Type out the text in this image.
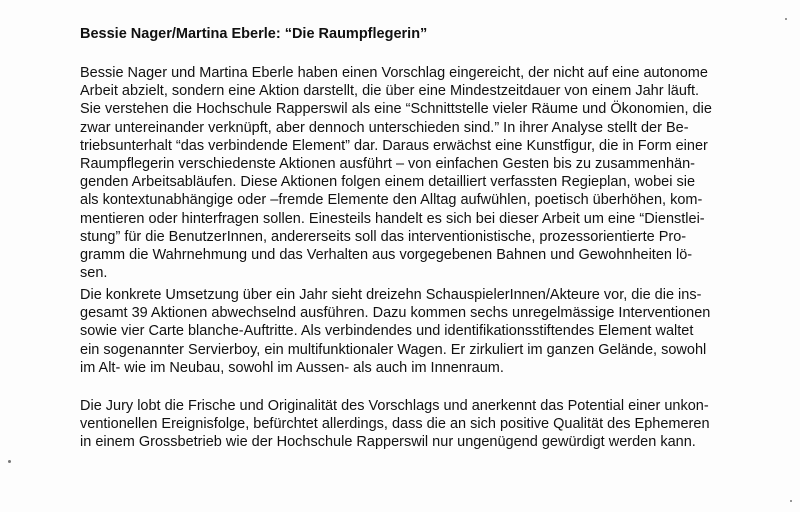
Bessie Nager/Martina Eberle: “Die Raumpflegerin”
Bessie Nager und Martina Eberle haben einen Vorschlag eingereicht, der nicht auf eine autonome
Arbeit abzielt, sondern eine Aktion darstellt, die über eine Mindestzeitdauer von einem Jahr läuft.
Sie verstehen die Hochschule Rapperswil als eine “Schnittstelle vieler Räume und Ökonomien, die
zwar untereinander verknüpft, aber dennoch unterschieden sind.” In ihrer Analyse stellt der Be-
triebsunterhalt “das verbindende Element” dar. Daraus erwächst eine Kunstfigur, die in Form einer
Raumpflegerin verschiedenste Aktionen ausführt – von einfachen Gesten bis zu zusammenhän-
genden Arbeitsabläufen. Diese Aktionen folgen einem detailliert verfassten Regieplan, wobei sie
als kontextunabhängige oder –fremde Elemente den Alltag aufwühlen, poetisch überhöhen, kom-
mentieren oder hinterfragen sollen. Einesteils handelt es sich bei dieser Arbeit um eine “Dienstlei-
stung” für die BenutzerInnen, andererseits soll das interventionistische, prozessorientierte Pro-
gramm die Wahrnehmung und das Verhalten aus vorgegebenen Bahnen und Gewohnheiten lö-
sen.
Die konkrete Umsetzung über ein Jahr sieht dreizehn SchauspielerInnen/Akteure vor, die die ins-
gesamt 39 Aktionen abwechselnd ausführen. Dazu kommen sechs unregelmässige Interventionen
sowie vier Carte blanche-Auftritte. Als verbindendes und identifikationsstiftendes Element waltet
ein sogenannter Servierboy, ein multifunktionaler Wagen. Er zirkuliert im ganzen Gelände, sowohl
im Alt- wie im Neubau, sowohl im Aussen- als auch im Innenraum.
Die Jury lobt die Frische und Originalität des Vorschlags und anerkennt das Potential einer unkon-
ventionellen Ereignisfolge, befürchtet allerdings, dass die an sich positive Qualität des Ephemeren
in einem Grossbetrieb wie der Hochschule Rapperswil nur ungenügend gewürdigt werden kann.
